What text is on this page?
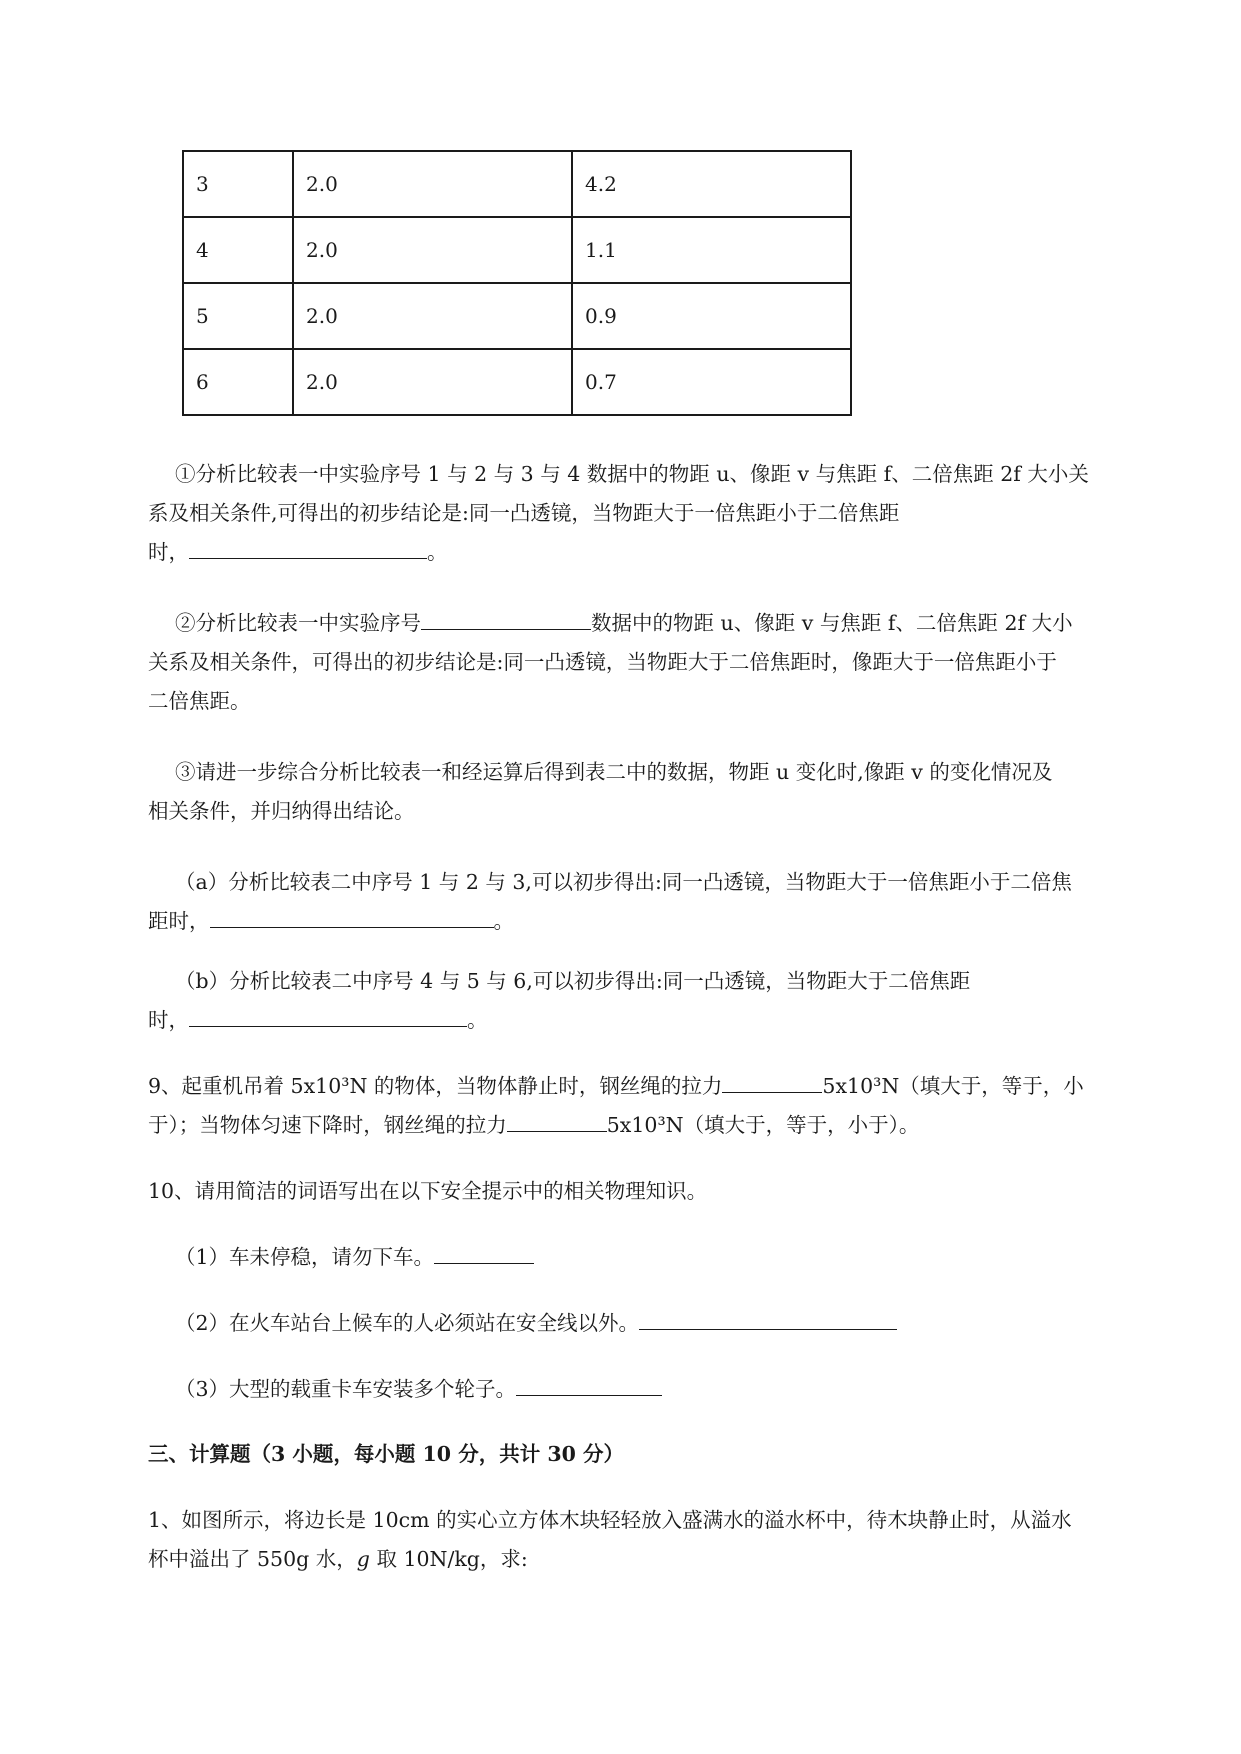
3	2.0	4.2
4	2.0	1.1
5	2.0	0.9
6	2.0	0.7

①分析比较表一中实验序号 1 与 2 与 3 与 4 数据中的物距 u、像距 v 与焦距 f、二倍焦距 2f 大小关

系及相关条件,可得出的初步结论是:同一凸透镜，当物距大于一倍焦距小于二倍焦距

时，	。

②分析比较表一中实验序号	数据中的物距 u、像距 v 与焦距 f、二倍焦距 2f 大小

关系及相关条件，可得出的初步结论是:同一凸透镜，当物距大于二倍焦距时，像距大于一倍焦距小于

二倍焦距。

③请进一步综合分析比较表一和经运算后得到表二中的数据，物距 u 变化时,像距 v 的变化情况及

相关条件，并归纳得出结论。

（a）分析比较表二中序号 1 与 2 与 3,可以初步得出:同一凸透镜，当物距大于一倍焦距小于二倍焦

距时，	。

（b）分析比较表二中序号 4 与 5 与 6,可以初步得出:同一凸透镜，当物距大于二倍焦距

时，	。

9、起重机吊着 5x10³N 的物体，当物体静止时，钢丝绳的拉力	5x10³N（填大于，等于，小

于）；当物体匀速下降时，钢丝绳的拉力	5x10³N（填大于，等于，小于）。

10、请用简洁的词语写出在以下安全提示中的相关物理知识。

（1）车未停稳，请勿下车。

（2）在火车站台上候车的人必须站在安全线以外。

（3）大型的载重卡车安装多个轮子。

三、计算题（3 小题，每小题 10 分，共计 30 分）

1、如图所示，将边长是 10cm 的实心立方体木块轻轻放入盛满水的溢水杯中，待木块静止时，从溢水

杯中溢出了 550g 水，g 取 10N/kg，求:
